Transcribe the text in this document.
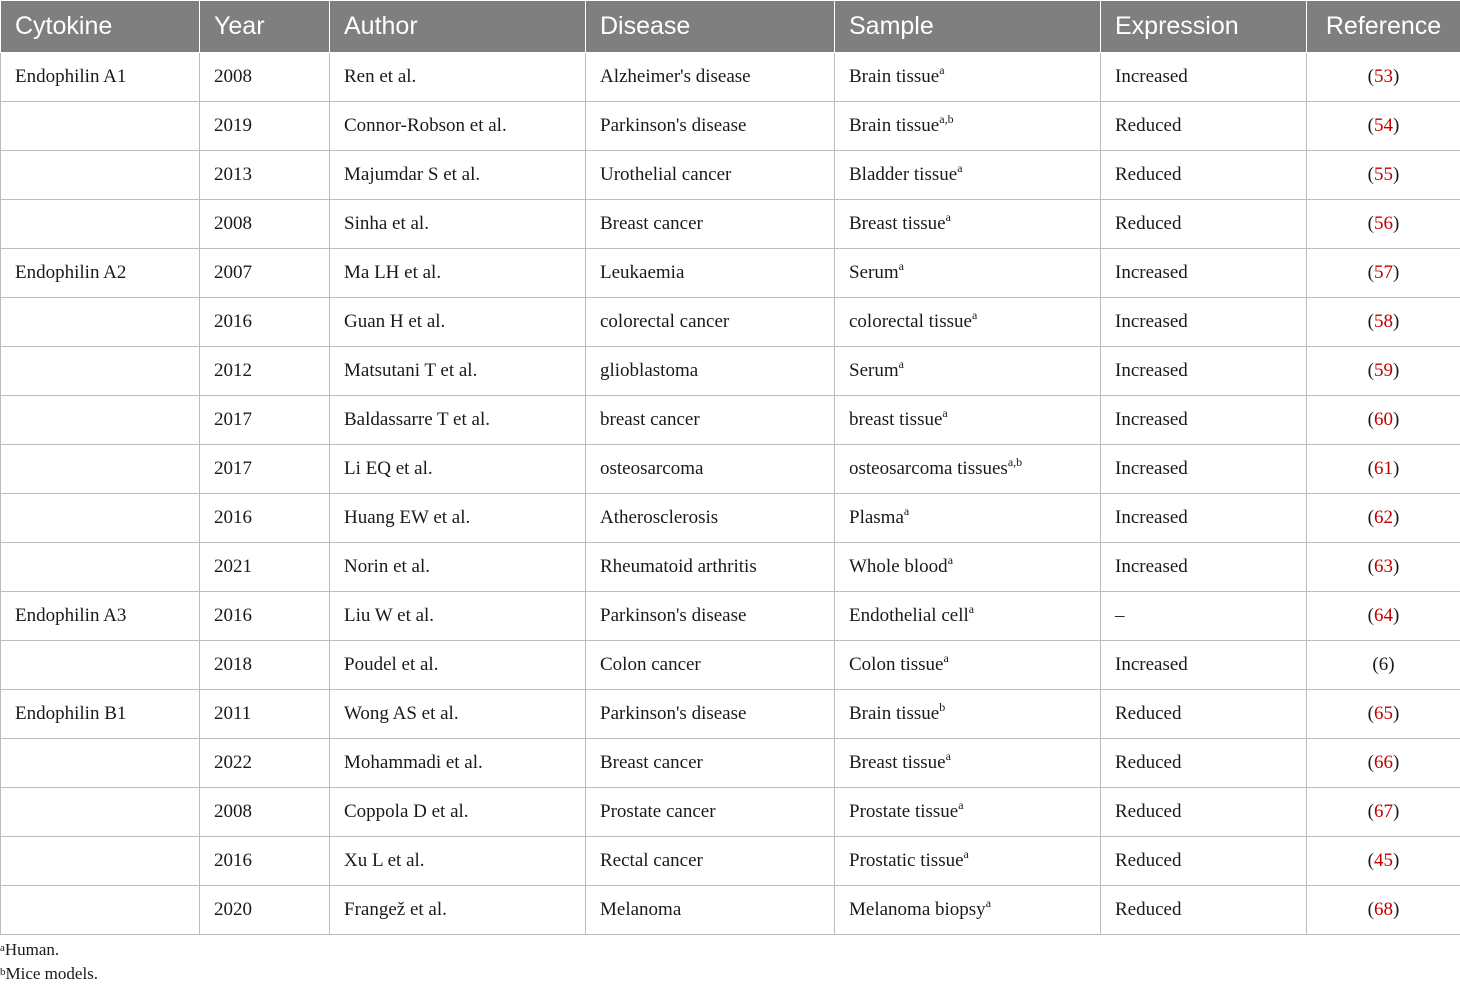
Cytokine	Year	Author	Disease	Sample	Expression	Reference
Endophilin A1	2008	Ren et al.	Alzheimer's disease	Brain tissue$^a$	Increased	(53)
	2019	Connor-Robson et al.	Parkinson's disease	Brain tissue$^{a,b}$	Reduced	(54)
	2013	Majumdar S et al.	Urothelial cancer	Bladder tissue$^a$	Reduced	(55)
	2008	Sinha et al.	Breast cancer	Breast tissue$^a$	Reduced	(56)
Endophilin A2	2007	Ma LH et al.	Leukaemia	Serum$^a$	Increased	(57)
	2016	Guan H et al.	colorectal cancer	colorectal tissue$^a$	Increased	(58)
	2012	Matsutani T et al.	glioblastoma	Serum$^a$	Increased	(59)
	2017	Baldassarre T et al.	breast cancer	breast tissue$^a$	Increased	(60)
	2017	Li EQ et al.	osteosarcoma	osteosarcoma tissues$^{a,b}$	Increased	(61)
	2016	Huang EW et al.	Atherosclerosis	Plasma$^a$	Increased	(62)
	2021	Norin et al.	Rheumatoid arthritis	Whole blood$^a$	Increased	(63)
Endophilin A3	2016	Liu W et al.	Parkinson's disease	Endothelial cell$^a$	–	(64)
	2018	Poudel et al.	Colon cancer	Colon tissue$^a$	Increased	(6)
Endophilin B1	2011	Wong AS et al.	Parkinson's disease	Brain tissue$^b$	Reduced	(65)
	2022	Mohammadi et al.	Breast cancer	Breast tissue$^a$	Reduced	(66)
	2008	Coppola D et al.	Prostate cancer	Prostate tissue$^a$	Reduced	(67)
	2016	Xu L et al.	Rectal cancer	Prostatic tissue$^a$	Reduced	(45)
	2020	Frangež et al.	Melanoma	Melanoma biopsy$^a$	Reduced	(68)
$^a$Human.
$^b$Mice models.
